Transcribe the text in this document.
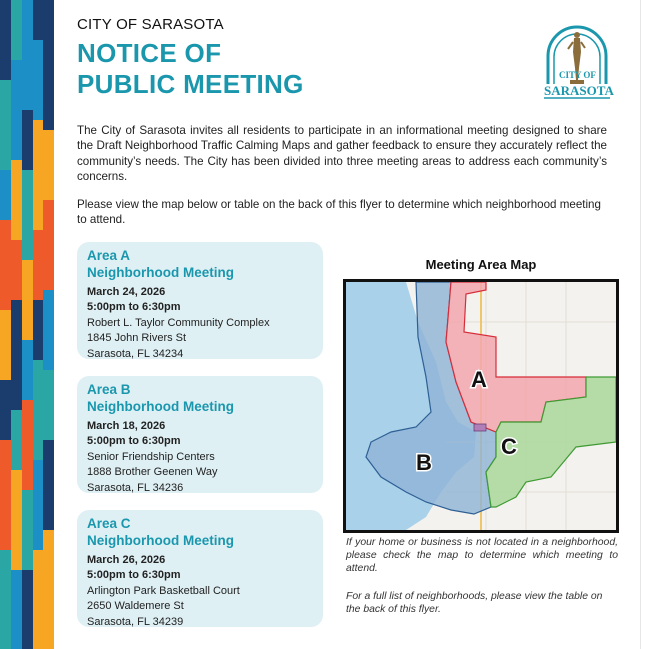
CITY OF SARASOTA
NOTICE OF
PUBLIC MEETING	CITY OF
SARASOTA
The City of Sarasota invites all residents to participate in an informational meeting designed to share the Draft Neighborhood Traffic Calming Maps and gather feedback to ensure they accurately reflect the community’s needs. The City has been divided into three meeting areas to address each community’s concerns.
Please view the map below or table on the back of this flyer to determine which neighborhood meeting to attend.
Area A
Neighborhood Meeting
March 24, 2026
5:00pm to 6:30pm
Robert L. Taylor Community Complex
1845 John Rivers St
Sarasota, FL 34234
Area B
Neighborhood Meeting
March 18, 2026
5:00pm to 6:30pm
Senior Friendship Centers
1888 Brother Geenen Way
Sarasota, FL 34236
Area C
Neighborhood Meeting
March 26, 2026
5:00pm to 6:30pm
Arlington Park Basketball Court
2650 Waldemere St
Sarasota, FL 34239
Meeting Area Map
A
B
C
If your home or business is not located in a neighborhood, please check the map to determine which meeting to attend.
For a full list of neighborhoods, please view the table on the back of this flyer.
